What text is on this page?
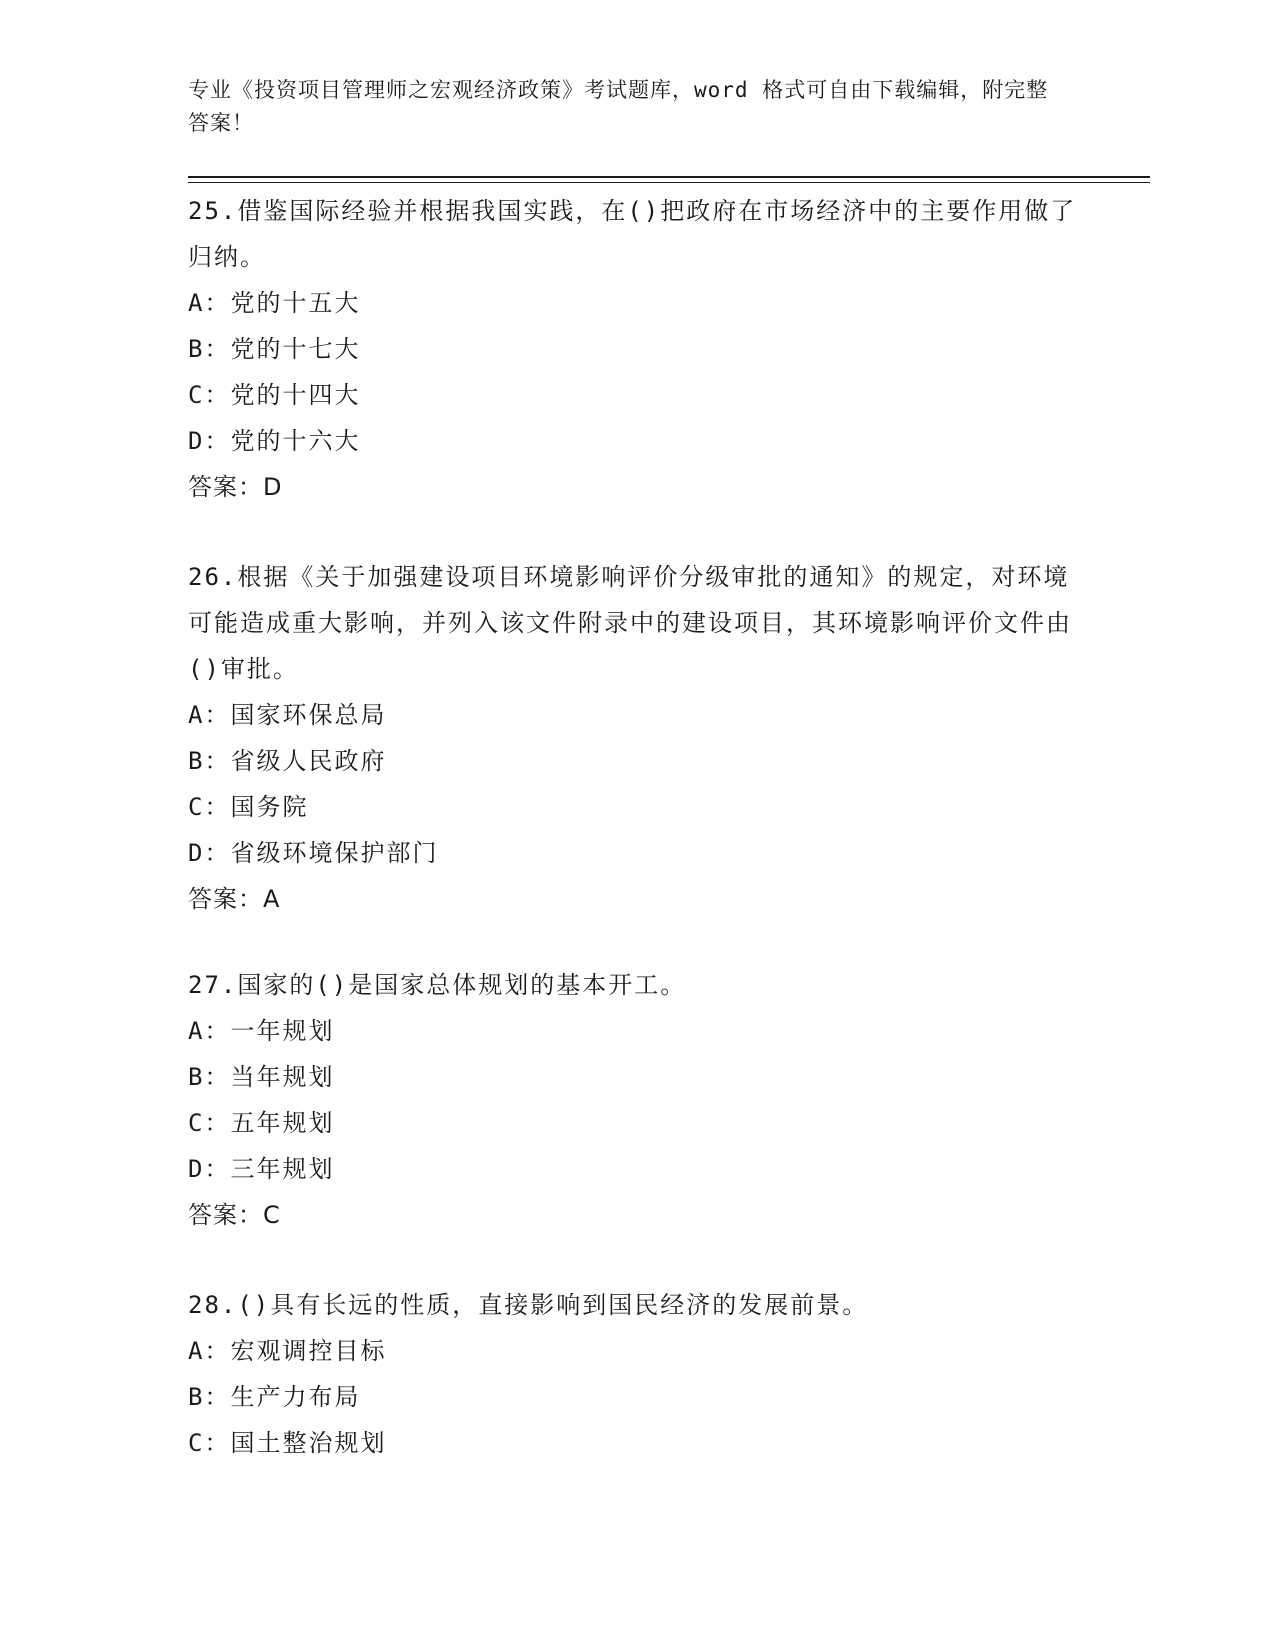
专业《投资项目管理师之宏观经济政策》考试题库，word 格式可自由下载编辑，附完整答案！
25.借鉴国际经验并根据我国实践，在()把政府在市场经济中的主要作用做了归纳。
A：党的十五大
B：党的十七大
C：党的十四大
D：党的十六大
答案：D
26.根据《关于加强建设项目环境影响评价分级审批的通知》的规定，对环境可能造成重大影响，并列入该文件附录中的建设项目，其环境影响评价文件由()审批。
A：国家环保总局
B：省级人民政府
C：国务院
D：省级环境保护部门
答案：A
27.国家的()是国家总体规划的基本开工。
A：一年规划
B：当年规划
C：五年规划
D：三年规划
答案：C
28.()具有长远的性质，直接影响到国民经济的发展前景。
A：宏观调控目标
B：生产力布局
C：国土整治规划
